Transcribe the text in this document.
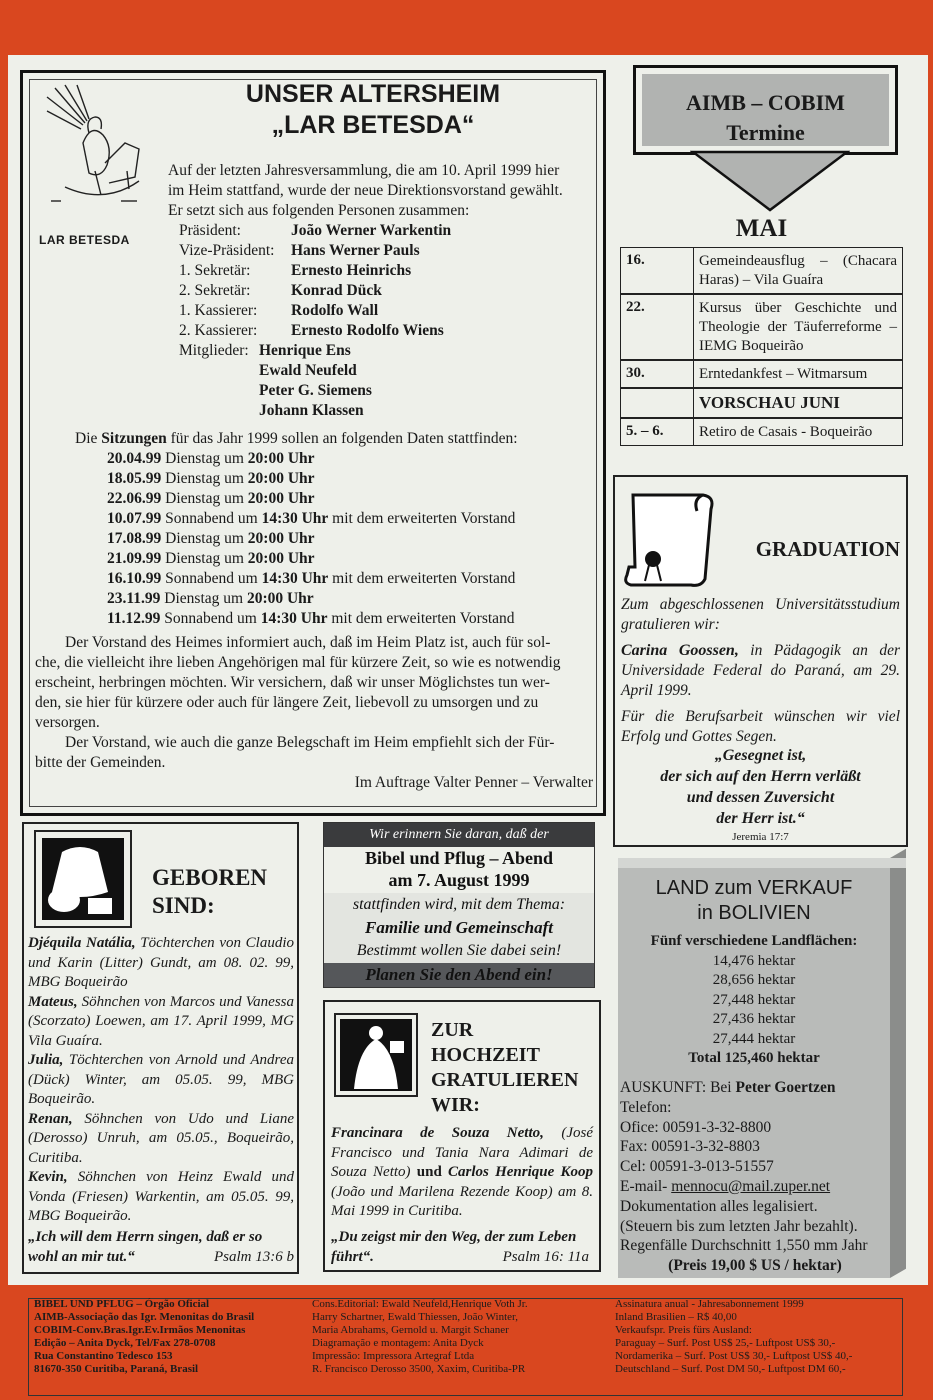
LAR BETESDA
UNSER ALTERSHEIM
„LAR BETESDA“

Auf der letzten Jahresversammlung, die am 10. April 1999 hier

im Heim stattfand, wurde der neue Direktionsvorstand gewählt.

Er setzt sich aus folgenden Personen zusammen:

Präsident:	João Werner Warkentin
Vize-Präsident:	Hans Werner Pauls
1. Sekretär:	Ernesto Heinrichs
2. Sekretär:	Konrad Dück
1. Kassierer:	Rodolfo Wall
2. Kassierer:	Ernesto Rodolfo Wiens
Mitglieder: Henrique Ens
Ewald Neufeld
Peter G. Siemens
Johann Klassen
Die Sitzungen für das Jahr 1999 sollen an folgenden Daten stattfinden:
20.04.99 Dienstag um 20:00 Uhr
18.05.99 Dienstag um 20:00 Uhr
22.06.99 Dienstag um 20:00 Uhr
10.07.99 Sonnabend um 14:30 Uhr mit dem erweiterten Vorstand
17.08.99 Dienstag um 20:00 Uhr
21.09.99 Dienstag um 20:00 Uhr
16.10.99 Sonnabend um 14:30 Uhr mit dem erweiterten Vorstand
23.11.99 Dienstag um 20:00 Uhr
11.12.99 Sonnabend um 14:30 Uhr mit dem erweiterten Vorstand

Der Vorstand des Heimes informiert auch, daß im Heim Platz ist, auch für sol-

che, die vielleicht ihre lieben Angehörigen mal für kürzere Zeit, so wie es notwendig

erscheint, herbringen möchten. Wir versichern, daß wir unser Möglichstes tun wer-

den, sie hier für kürzere oder auch für längere Zeit, liebevoll zu umsorgen und zu

versorgen.

Der Vorstand, wie auch die ganze Belegschaft im Heim empfiehlt sich der Für-

bitte der Gemeinden.

Im Auftrage Valter Penner – Verwalter
AIMB – COBIM
Termine
MAI
16.	Gemeindeausflug – (Chacara Haras) – Vila Guaíra
22.	Kursus über Geschichte und Theologie der Täuferreforme – IEMG Boqueirão
30.	Erntedankfest – Witmarsum
VORSCHAU JUNI
5. – 6.	Retiro de Casais - Boqueirão
GRADUATION

Zum abgeschlossenen Universitätsstudium gratulieren wir:

Carina Goossen, in Pädagogik an der Universidade Federal do Paraná, am 29. April 1999.

Für die Berufsarbeit wünschen wir viel Erfolg und Gottes Segen.

„Gesegnet ist,

der sich auf den Herrn verläßt

und dessen Zuversicht

der Herr ist.“

Jeremia 17:7
GEBOREN
SIND:

Djéquila Natália, Töchterchen von Claudio und Karin (Litter) Gundt, am 08. 02. 99, MBG Boqueirão

Mateus, Söhnchen von Marcos und Vanessa (Scorzato) Loewen, am 17. April 1999, MG Vila Guaíra.

Julia, Töchterchen von Arnold und Andrea (Dück) Winter, am 05.05. 99, MBG Boqueirão.

Renan, Söhnchen von Udo und Liane (Derosso) Unruh, am 05.05., Boqueirão, Curitiba.

Kevin, Söhnchen von Heinz Ewald und Vonda (Friesen) Warkentin, am 05.05. 99, MBG Boqueirão.

„Ich will dem Herrn singen, daß er so wohl an mir tut.“	Psalm 13:6 b
Wir erinnern Sie daran, daß der
Bibel und Pflug – Abend
am 7. August 1999
stattfinden wird, mit dem Thema:
Familie und Gemeinschaft
Bestimmt wollen Sie dabei sein!
Planen Sie den Abend ein!
ZUR
HOCHZEIT
GRATULIEREN
WIR:
Francinara de Souza Netto, (José Francisco und Tania Nara Adimari de Souza Netto) und Carlos Henrique Koop (João und Marilena Rezende Koop) am 8. Mai 1999 in Curitiba.
„Du zeigst mir den Weg, der zum Leben führt“.	Psalm 16: 11a
LAND zum VERKAUF
in BOLIVIEN
Fünf verschiedene Landflächen:
14,476 hektar
28,656 hektar
27,448 hektar
27,436 hektar
27,444 hektar
Total 125,460 hektar
AUSKUNFT: Bei Peter Goertzen
Telefon:
Ofice: 00591-3-32-8800
Fax: 00591-3-32-8803
Cel: 00591-3-013-51557
E-mail- mennocu@mail.zuper.net
Dokumentation alles legalisiert.
(Steuern bis zum letzten Jahr bezahlt).
Regenfälle Durchschnitt 1,550 mm Jahr
(Preis 19,00 $ US / hektar)
BIBEL UND PFLUG – Órgão Oficial
AIMB-Associação das Igr. Menonitas do Brasil
COBIM-Conv.Bras.Igr.Ev.Irmãos Menonitas
Edição – Anita Dyck, Tel/Fax 278-0708
Rua Constantino Tedesco 153
81670-350 Curitiba, Paraná, Brasil
Cons.Editorial: Ewald Neufeld,Henrique Voth Jr.
Harry Schartner, Ewald Thiessen, João Winter,
Maria Abrahams, Gernold u. Margit Schaner
Diagramação e montagem: Anita Dyck
Impressão: Impressora Artegraf Ltda
R. Francisco Derosso 3500, Xaxim, Curitiba-PR
Assinatura anual - Jahresabonnement 1999
Inland Brasilien – R$ 40,00
Verkaufspr. Preis fürs Ausland:
Paraguay – Surf. Post US$ 25,- Luftpost US$ 30,-
Nordamerika – Surf. Post US$ 30,- Luftpost US$ 40,-
Deutschland – Surf. Post DM 50,- Luftpost DM 60,-
